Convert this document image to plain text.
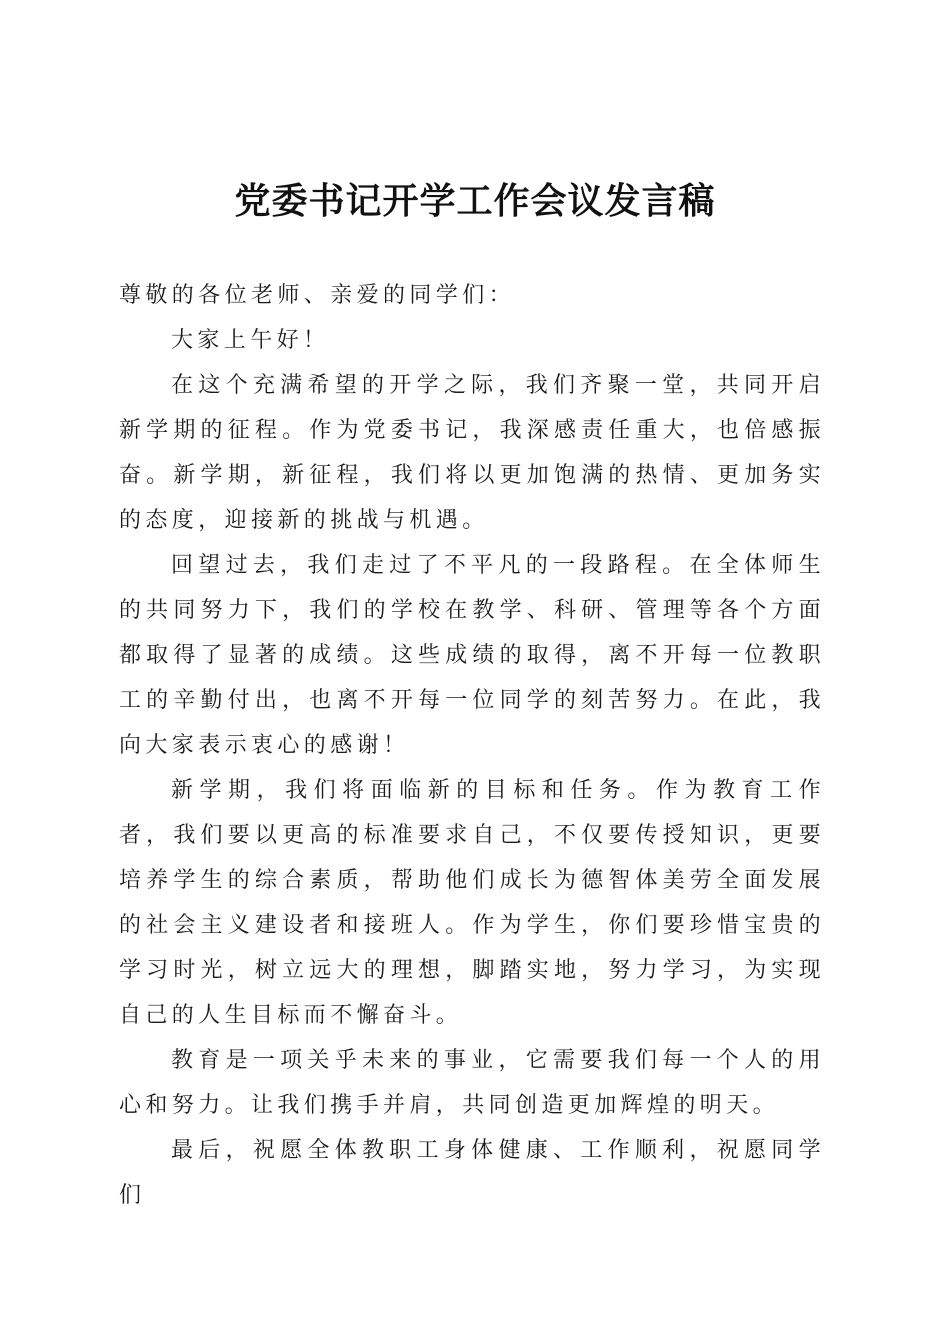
党委书记开学工作会议发言稿

尊敬的各位老师、亲爱的同学们：

大家上午好！

在这个充满希望的开学之际，我们齐聚一堂，共同开启新学期的征程。作为党委书记，我深感责任重大，也倍感振奋。新学期，新征程，我们将以更加饱满的热情、更加务实的态度，迎接新的挑战与机遇。

回望过去，我们走过了不平凡的一段路程。在全体师生的共同努力下，我们的学校在教学、科研、管理等各个方面都取得了显著的成绩。这些成绩的取得，离不开每一位教职工的辛勤付出，也离不开每一位同学的刻苦努力。在此，我向大家表示衷心的感谢！

新学期，我们将面临新的目标和任务。作为教育工作者，我们要以更高的标准要求自己，不仅要传授知识，更要培养学生的综合素质，帮助他们成长为德智体美劳全面发展的社会主义建设者和接班人。作为学生，你们要珍惜宝贵的学习时光，树立远大的理想，脚踏实地，努力学习，为实现自己的人生目标而不懈奋斗。

教育是一项关乎未来的事业，它需要我们每一个人的用心和努力。让我们携手并肩，共同创造更加辉煌的明天。

最后，祝愿全体教职工身体健康、工作顺利，祝愿同学们
